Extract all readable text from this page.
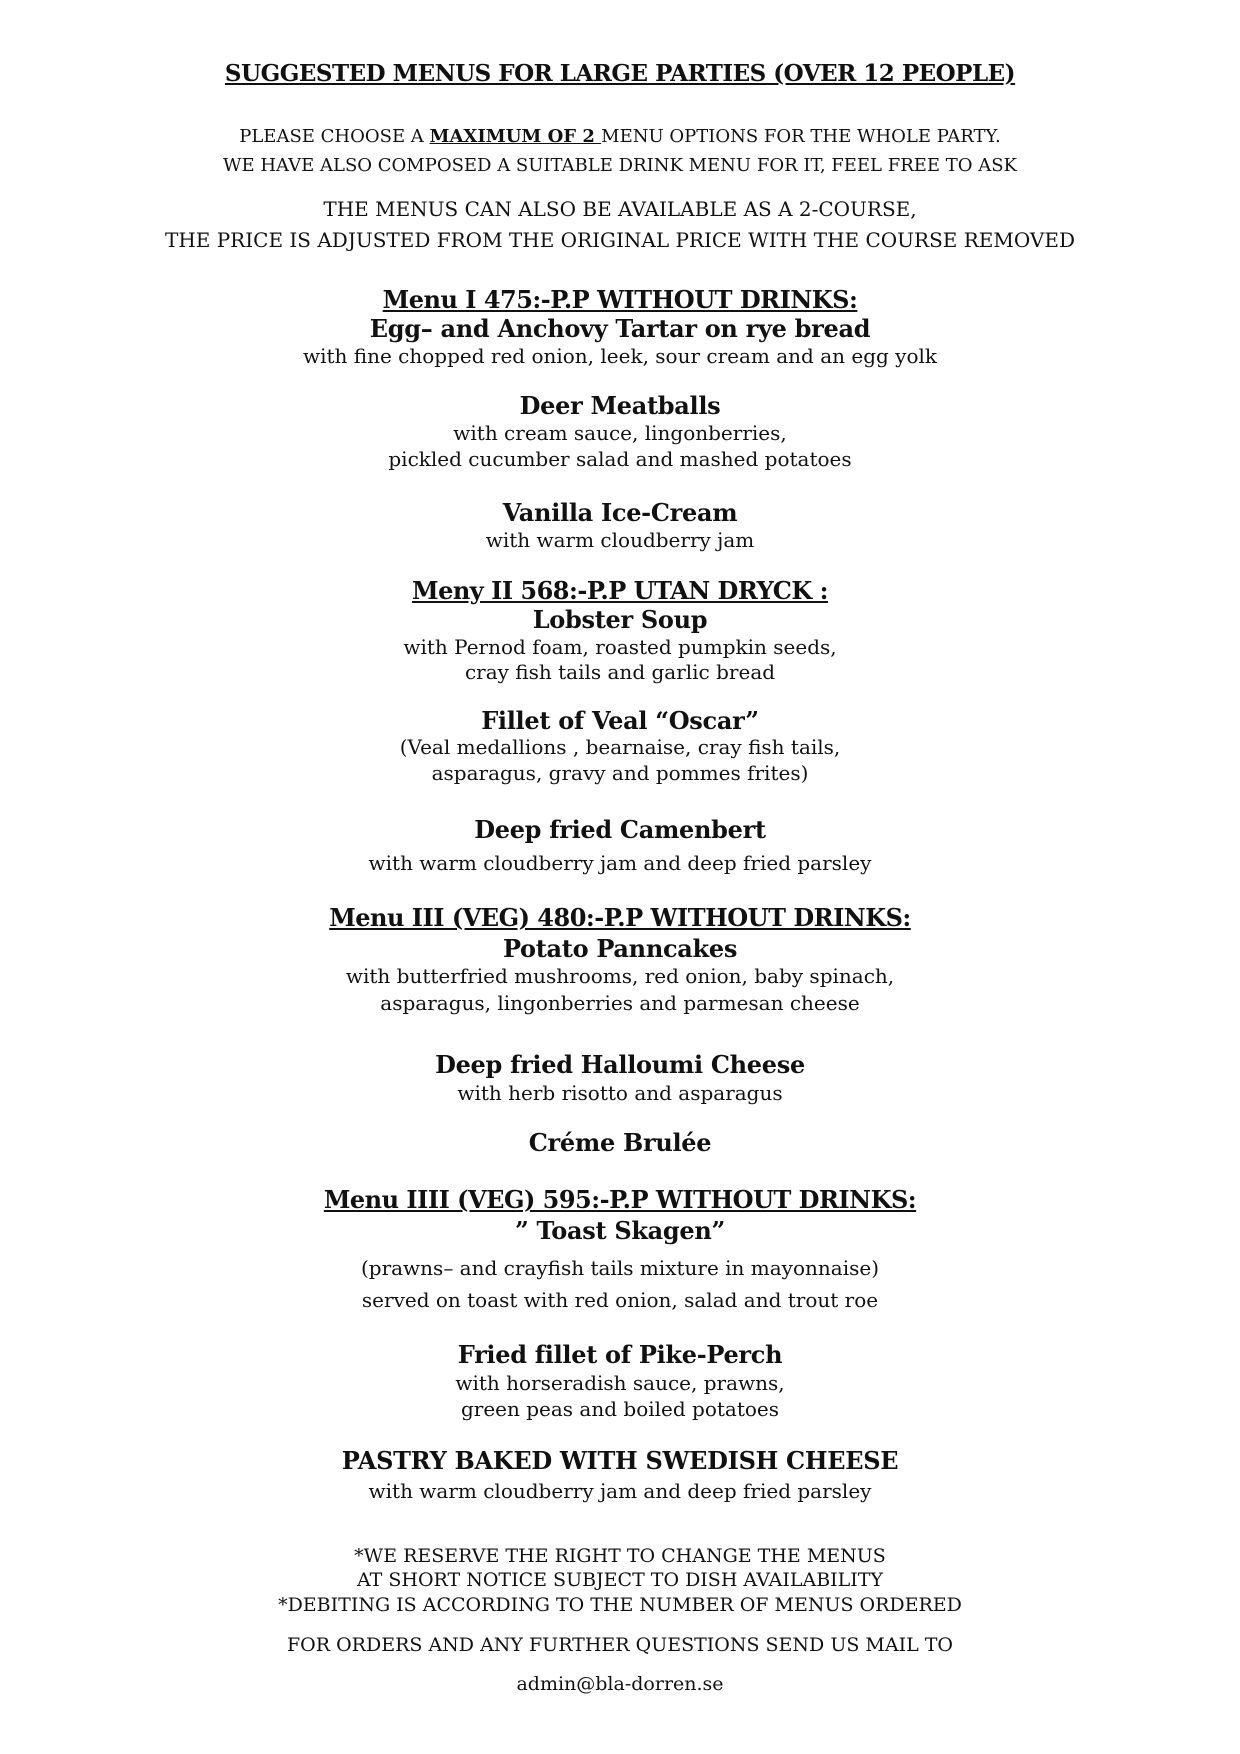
SUGGESTED MENUS FOR LARGE PARTIES (OVER 12 PEOPLE)
PLEASE CHOOSE A MAXIMUM OF 2 MENU OPTIONS FOR THE WHOLE PARTY.
WE HAVE ALSO COMPOSED A SUITABLE DRINK MENU FOR IT, FEEL FREE TO ASK
THE MENUS CAN ALSO BE AVAILABLE AS A 2-COURSE,
THE PRICE IS ADJUSTED FROM THE ORIGINAL PRICE WITH THE COURSE REMOVED
Menu I 475:-P.P WITHOUT DRINKS:
Egg– and Anchovy Tartar on rye bread
with fine chopped red onion, leek, sour cream and an egg yolk
Deer Meatballs
with cream sauce, lingonberries,
pickled cucumber salad and mashed potatoes
Vanilla Ice-Cream
with warm cloudberry jam
Meny II 568:-P.P UTAN DRYCK :
Lobster Soup
with Pernod foam, roasted pumpkin seeds,
cray fish tails and garlic bread
Fillet of Veal “Oscar”
(Veal medallions , bearnaise, cray fish tails,
asparagus, gravy and pommes frites)
Deep fried Camenbert
with warm cloudberry jam and deep fried parsley
Menu III (VEG) 480:-P.P WITHOUT DRINKS:
Potato Panncakes
with butterfried mushrooms, red onion, baby spinach,
asparagus, lingonberries and parmesan cheese
Deep fried Halloumi Cheese
with herb risotto and asparagus
Créme Brulée
Menu IIII (VEG) 595:-P.P WITHOUT DRINKS:
” Toast Skagen”
(prawns– and crayfish tails mixture in mayonnaise)
served on toast with red onion, salad and trout roe
Fried fillet of Pike-Perch
with horseradish sauce, prawns,
green peas and boiled potatoes
PASTRY BAKED WITH SWEDISH CHEESE
with warm cloudberry jam and deep fried parsley
*WE RESERVE THE RIGHT TO CHANGE THE MENUS
AT SHORT NOTICE SUBJECT TO DISH AVAILABILITY
*DEBITING IS ACCORDING TO THE NUMBER OF MENUS ORDERED
FOR ORDERS AND ANY FURTHER QUESTIONS SEND US MAIL TO
admin@bla-dorren.se
